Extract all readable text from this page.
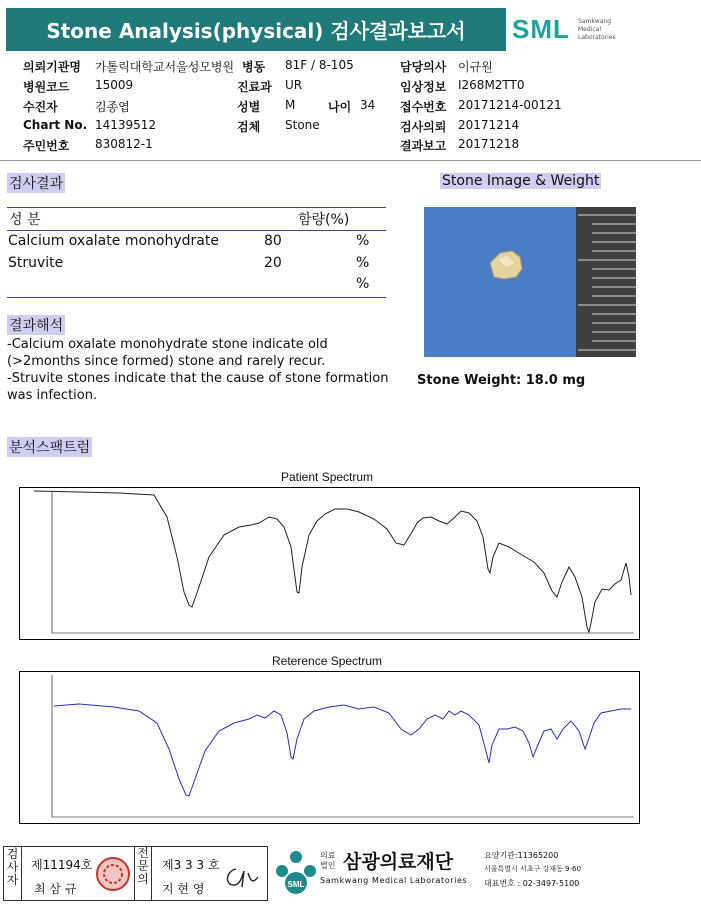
Stone Analysis(physical) 검사결과보고서	SML Samkwang Medical Laboratories
의뢰기관명 가톨릭대학교서울성모병원 병동 81F / 8-105	담당의사 이규원
병원코드 15009	진료과 UR	임상정보 I268M2TT0
수진자	김종엽	성별 M	나이 34 접수번호 20171214-00121
Chart No. 14139512	검체 Stone	검사의뢰 20171214
주민번호 830812-1	결과보고 20171218
검사결과
성 분	함량(%)
Calcium oxalate monohydrate	80	%
Struvite	20	%
%
Stone Image & Weight
Stone Weight: 18.0 mg
결과해석
-Calcium oxalate monohydrate stone indicate old (>2months since formed) stone and rarely recur.
-Struvite stones indicate that the cause of stone formation was infection.
분석스팩트럼
Patient Spectrum
Reterence Spectrum
검사자
제11194호
최 삼 규
전문의
제3 3 3 호
지 현 영	SML
의료법인 삼광의료재단
Samkwang Medical Laboratories
요양기관:11365200
서울특별시 서초구 강재동 9-60
대표번호 : 02-3497-5100
